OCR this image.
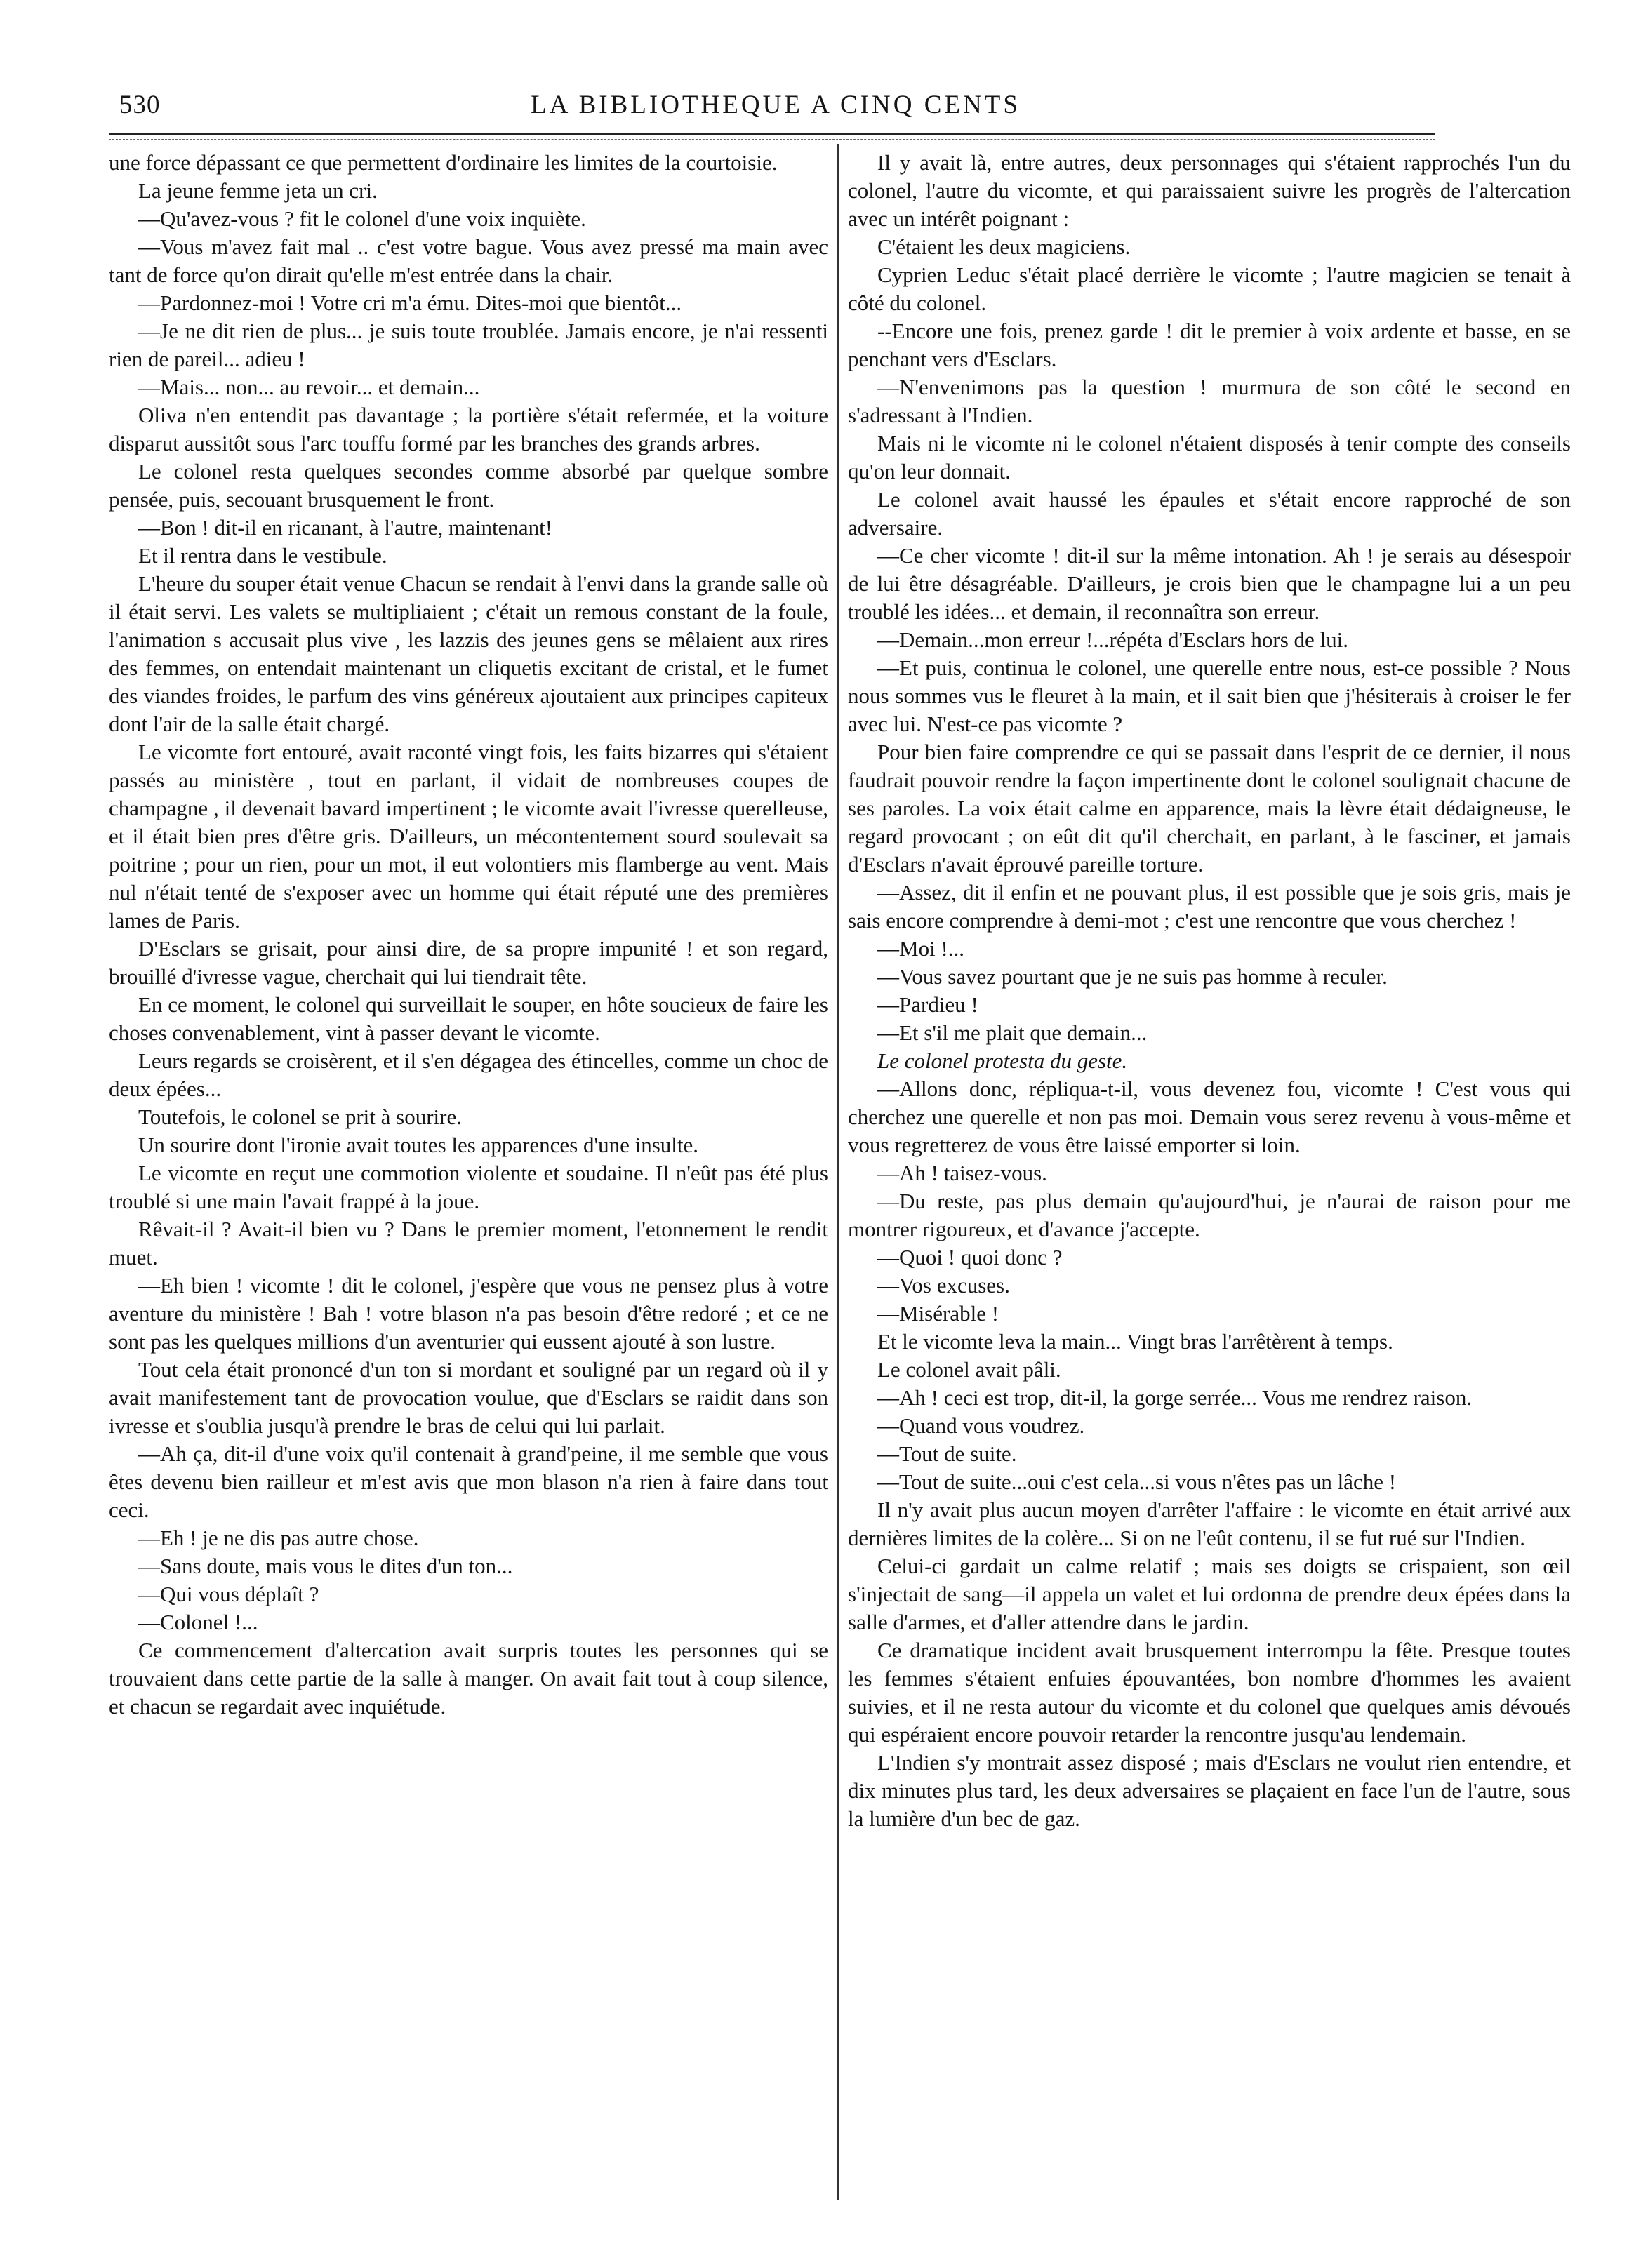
530	LA BIBLIOTHEQUE A CINQ CENTS

une force dépassant ce que permettent d'ordinaire les limites de la courtoisie.

La jeune femme jeta un cri.

—Qu'avez-vous ? fit le colonel d'une voix inquiète.

—Vous m'avez fait mal .. c'est votre bague. Vous avez pressé ma main avec tant de force qu'on dirait qu'elle m'est entrée dans la chair.

—Pardonnez-moi ! Votre cri m'a ému. Dites-moi que bientôt...

—Je ne dit rien de plus... je suis toute troublée. Jamais encore, je n'ai ressenti rien de pareil... adieu !

—Mais... non... au revoir... et demain...

Oliva n'en entendit pas davantage ; la portière s'était refermée, et la voiture disparut aussitôt sous l'arc touffu formé par les branches des grands arbres.

Le colonel resta quelques secondes comme absorbé par quelque sombre pensée, puis, secouant brusquement le front.

—Bon ! dit-il en ricanant, à l'autre, maintenant!

Et il rentra dans le vestibule.

L'heure du souper était venue Chacun se rendait à l'envi dans la grande salle où il était servi. Les valets se multipliaient ; c'était un remous constant de la foule, l'animation s accusait plus vive , les lazzis des jeunes gens se mêlaient aux rires des femmes, on entendait maintenant un cliquetis excitant de cristal, et le fumet des viandes froides, le parfum des vins généreux ajoutaient aux principes capiteux dont l'air de la salle était chargé.

Le vicomte fort entouré, avait raconté vingt fois, les faits bizarres qui s'étaient passés au ministère , tout en parlant, il vidait de nombreuses coupes de champagne , il devenait bavard impertinent ; le vicomte avait l'ivresse querelleuse, et il était bien pres d'être gris. D'ailleurs, un mécontentement sourd soulevait sa poitrine ; pour un rien, pour un mot, il eut volontiers mis flamberge au vent. Mais nul n'était tenté de s'exposer avec un homme qui était réputé une des premières lames de Paris.

D'Esclars se grisait, pour ainsi dire, de sa propre impunité ! et son regard, brouillé d'ivresse vague, cherchait qui lui tiendrait tête.

En ce moment, le colonel qui surveillait le souper, en hôte soucieux de faire les choses convenablement, vint à passer devant le vicomte.

Leurs regards se croisèrent, et il s'en dégagea des étincelles, comme un choc de deux épées...

Toutefois, le colonel se prit à sourire.

Un sourire dont l'ironie avait toutes les apparences d'une insulte.

Le vicomte en reçut une commotion violente et soudaine. Il n'eût pas été plus troublé si une main l'avait frappé à la joue.

Rêvait-il ? Avait-il bien vu ? Dans le premier moment, l'etonnement le rendit muet.

—Eh bien ! vicomte ! dit le colonel, j'espère que vous ne pensez plus à votre aventure du ministère ! Bah ! votre blason n'a pas besoin d'être redoré ; et ce ne sont pas les quelques millions d'un aventurier qui eussent ajouté à son lustre.

Tout cela était prononcé d'un ton si mordant et souligné par un regard où il y avait manifestement tant de provocation voulue, que d'Esclars se raidit dans son ivresse et s'oublia jusqu'à prendre le bras de celui qui lui parlait.

—Ah ça, dit-il d'une voix qu'il contenait à grand'peine, il me semble que vous êtes devenu bien railleur et m'est avis que mon blason n'a rien à faire dans tout ceci.

—Eh ! je ne dis pas autre chose.

—Sans doute, mais vous le dites d'un ton...

—Qui vous déplaît ?

—Colonel !...

Ce commencement d'altercation avait surpris toutes les personnes qui se trouvaient dans cette partie de la salle à manger. On avait fait tout à coup silence, et chacun se regardait avec inquiétude.

Il y avait là, entre autres, deux personnages qui s'étaient rapprochés l'un du colonel, l'autre du vicomte, et qui paraissaient suivre les progrès de l'altercation avec un intérêt poignant :

C'étaient les deux magiciens.

Cyprien Leduc s'était placé derrière le vicomte ; l'autre magicien se tenait à côté du colonel.

--Encore une fois, prenez garde ! dit le premier à voix ardente et basse, en se penchant vers d'Esclars.

—N'envenimons pas la question ! murmura de son côté le second en s'adressant à l'Indien.

Mais ni le vicomte ni le colonel n'étaient disposés à tenir compte des conseils qu'on leur donnait.

Le colonel avait haussé les épaules et s'était encore rapproché de son adversaire.

—Ce cher vicomte ! dit-il sur la même intonation. Ah ! je serais au désespoir de lui être désagréable. D'ailleurs, je crois bien que le champagne lui a un peu troublé les idées... et demain, il reconnaîtra son erreur.

—Demain...mon erreur !...répéta d'Esclars hors de lui.

—Et puis, continua le colonel, une querelle entre nous, est-ce possible ? Nous nous sommes vus le fleuret à la main, et il sait bien que j'hésiterais à croiser le fer avec lui. N'est-ce pas vicomte ?

Pour bien faire comprendre ce qui se passait dans l'esprit de ce dernier, il nous faudrait pouvoir rendre la façon impertinente dont le colonel soulignait chacune de ses paroles. La voix était calme en apparence, mais la lèvre était dédaigneuse, le regard provocant ; on eût dit qu'il cherchait, en parlant, à le fasciner, et jamais d'Esclars n'avait éprouvé pareille torture.

—Assez, dit il enfin et ne pouvant plus, il est possible que je sois gris, mais je sais encore comprendre à demi-mot ; c'est une rencontre que vous cherchez !

—Moi !...

—Vous savez pourtant que je ne suis pas homme à reculer.

—Pardieu !

—Et s'il me plait que demain...

Le colonel protesta du geste.

—Allons donc, répliqua-t-il, vous devenez fou, vicomte ! C'est vous qui cherchez une querelle et non pas moi. Demain vous serez revenu à vous-même et vous regretterez de vous être laissé emporter si loin.

—Ah ! taisez-vous.

—Du reste, pas plus demain qu'aujourd'hui, je n'aurai de raison pour me montrer rigoureux, et d'avance j'accepte.

—Quoi ! quoi donc ?

—Vos excuses.

—Misérable !

Et le vicomte leva la main... Vingt bras l'arrêtèrent à temps.

Le colonel avait pâli.

—Ah ! ceci est trop, dit-il, la gorge serrée... Vous me rendrez raison.

—Quand vous voudrez.

—Tout de suite.

—Tout de suite...oui c'est cela...si vous n'êtes pas un lâche !

Il n'y avait plus aucun moyen d'arrêter l'affaire : le vicomte en était arrivé aux dernières limites de la colère... Si on ne l'eût contenu, il se fut rué sur l'Indien.

Celui-ci gardait un calme relatif ; mais ses doigts se crispaient, son œil s'injectait de sang—il appela un valet et lui ordonna de prendre deux épées dans la salle d'armes, et d'aller attendre dans le jardin.

Ce dramatique incident avait brusquement interrompu la fête. Presque toutes les femmes s'étaient enfuies épouvantées, bon nombre d'hommes les avaient suivies, et il ne resta autour du vicomte et du colonel que quelques amis dévoués qui espéraient encore pouvoir retarder la rencontre jusqu'au lendemain.

L'Indien s'y montrait assez disposé ; mais d'Esclars ne voulut rien entendre, et dix minutes plus tard, les deux adversaires se plaçaient en face l'un de l'autre, sous la lumière d'un bec de gaz.
